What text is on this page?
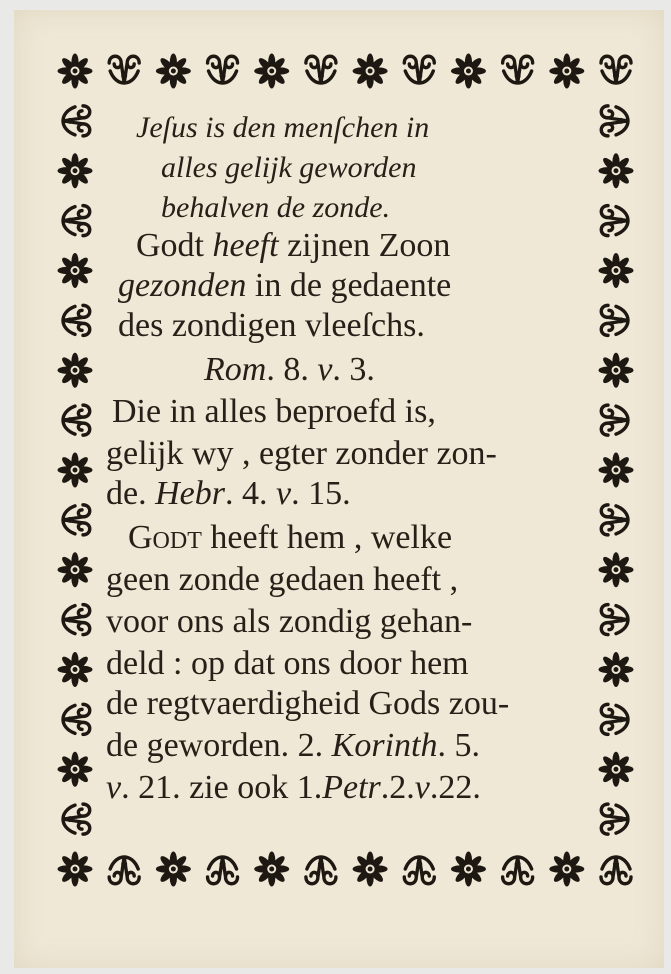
Jeſus is den menſchen in
alles gelijk geworden
behalven de zonde.
Godt heeft zijnen Zoon
gezonden in de gedaente
des zondigen vleeſchs.
Rom. 8. v. 3.
Die in alles beproefd is,
gelijk wy , egter zonder zon-
de. Hebr. 4. v. 15.
Godt heeft hem , welke
geen zonde gedaen heeft ,
voor ons als zondig gehan-
deld : op dat ons door hem
de regtvaerdigheid Gods zou-
de geworden. 2. Korinth. 5.
v. 21. zie ook 1.Petr.2.v.22.
